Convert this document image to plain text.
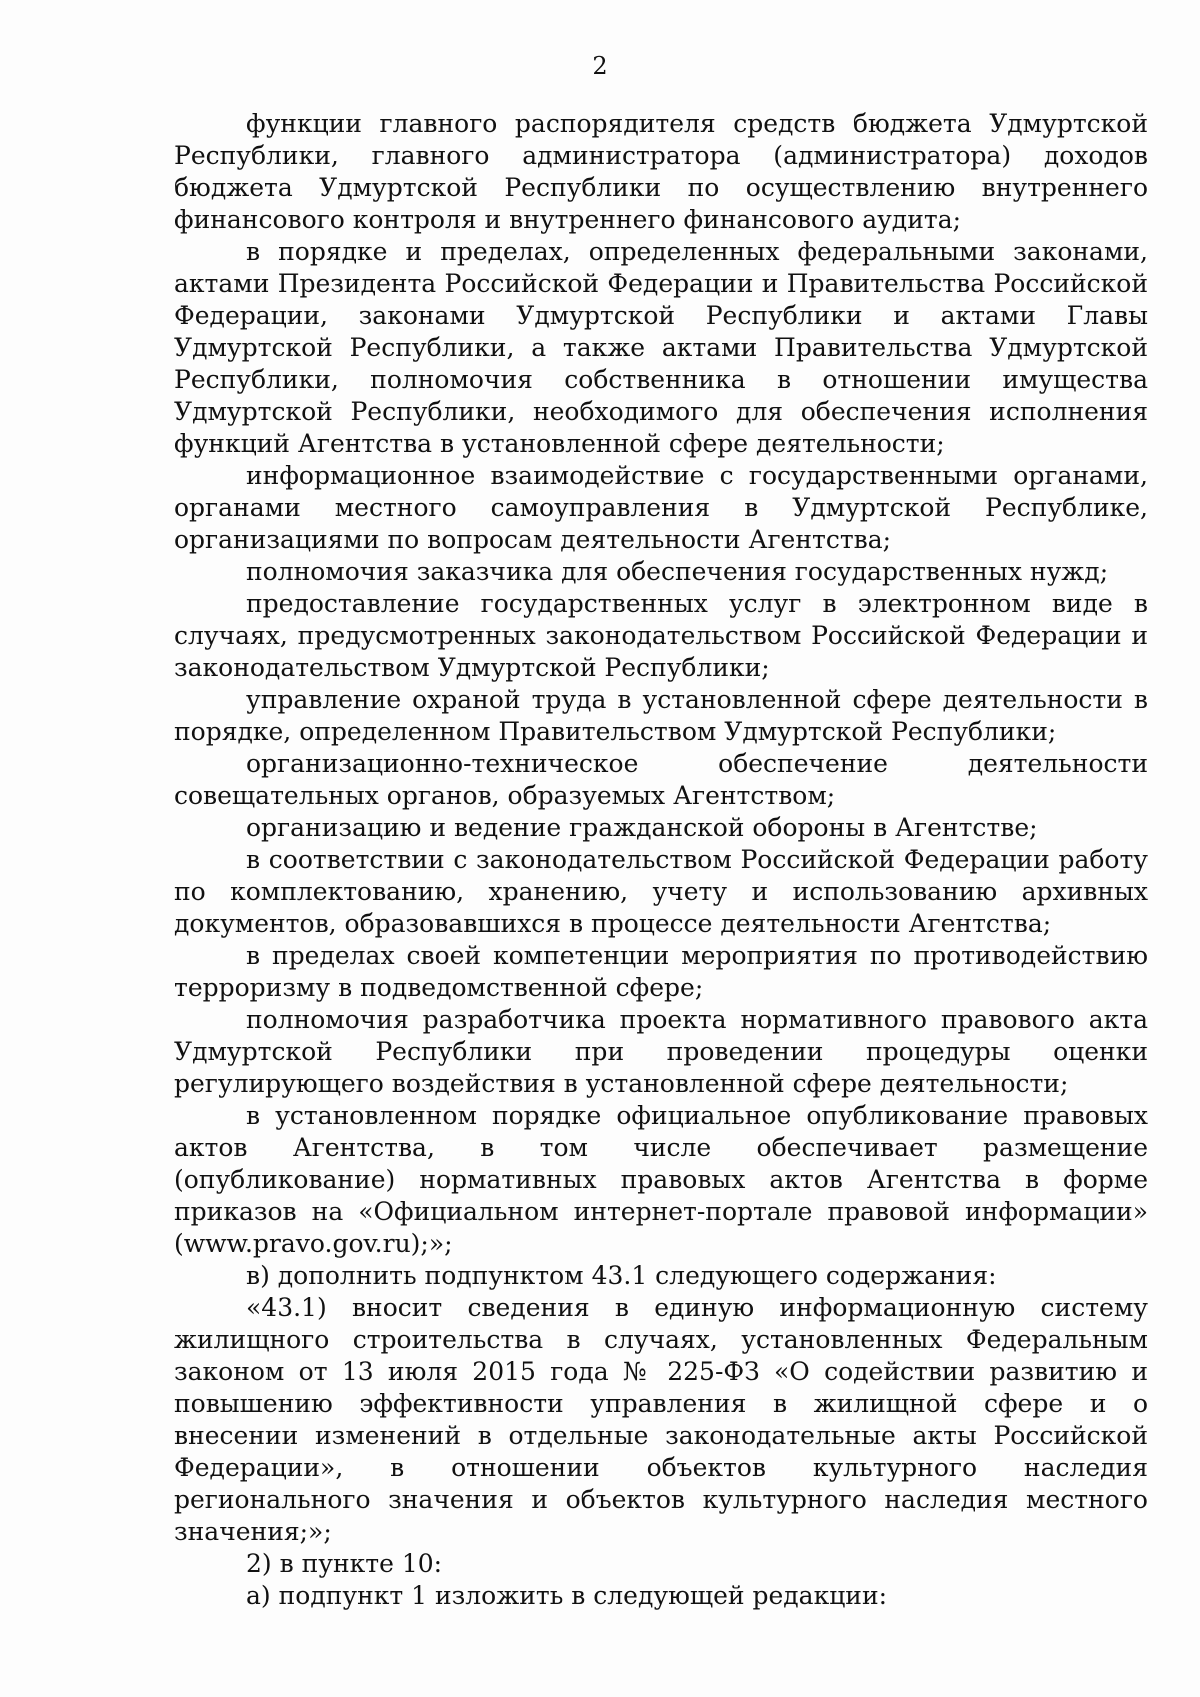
2

функции главного распорядителя средств бюджета Удмуртской Республики, главного администратора (администратора) доходов бюджета Удмуртской Республики по осуществлению внутреннего финансового контроля и внутреннего финансового аудита;

в порядке и пределах, определенных федеральными законами, актами Президента Российской Федерации и Правительства Российской Федерации, законами Удмуртской Республики и актами Главы Удмуртской Республики, а также актами Правительства Удмуртской Республики, полномочия собственника в отношении имущества Удмуртской Республики, необходимого для обеспечения исполнения функций Агентства в установленной сфере деятельности;

информационное взаимодействие с государственными органами, органами местного самоуправления в Удмуртской Республике, организациями по вопросам деятельности Агентства;

полномочия заказчика для обеспечения государственных нужд;

предоставление государственных услуг в электронном виде в случаях, предусмотренных законодательством Российской Федерации и законодательством Удмуртской Республики;

управление охраной труда в установленной сфере деятельности в порядке, определенном Правительством Удмуртской Республики;

организационно-техническое обеспечение деятельности совещательных органов, образуемых Агентством;

организацию и ведение гражданской обороны в Агентстве;

в соответствии с законодательством Российской Федерации работу по комплектованию, хранению, учету и использованию архивных документов, образовавшихся в процессе деятельности Агентства;

в пределах своей компетенции мероприятия по противодействию терроризму в подведомственной сфере;

полномочия разработчика проекта нормативного правового акта Удмуртской Республики при проведении процедуры оценки регулирующего воздействия в установленной сфере деятельности;

в установленном порядке официальное опубликование правовых актов Агентства, в том числе обеспечивает размещение (опубликование) нормативных правовых актов Агентства в форме приказов на «Официальном интернет-портале правовой информации» (www.pravo.gov.ru);»;

в) дополнить подпунктом 43.1 следующего содержания:

«43.1) вносит сведения в единую информационную систему жилищного строительства в случаях, установленных Федеральным законом от 13 июля 2015 года № 225-ФЗ «О содействии развитию и повышению эффективности управления в жилищной сфере и о внесении изменений в отдельные законодательные акты Российской Федерации», в отношении объектов культурного наследия регионального значения и объектов культурного наследия местного значения;»;

2) в пункте 10:

а) подпункт 1 изложить в следующей редакции:
